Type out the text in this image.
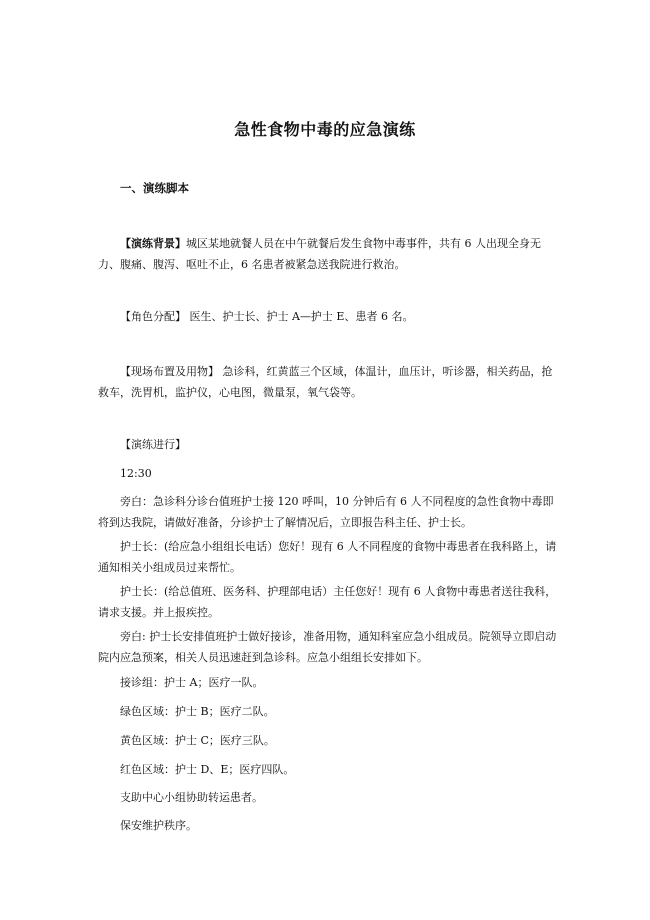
急性食物中毒的应急演练
一、演练脚本

【演练背景】城区某地就餐人员在中午就餐后发生食物中毒事件，共有 6 人出现全身无力、腹痛、腹泻、呕吐不止，6 名患者被紧急送我院进行救治。

【角色分配】 医生、护士长、护士 A—护士 E、患者 6 名。

【现场布置及用物】 急诊科，红黄蓝三个区域，体温计，血压计，听诊器，相关药品，抢救车，洗胃机，监护仪，心电图，微量泵，氧气袋等。

【演练进行】

12:30

旁白：急诊科分诊台值班护士接 120 呼叫，10 分钟后有 6 人不同程度的急性食物中毒即将到达我院，请做好准备，分诊护士了解情况后，立即报告科主任、护士长。

护士长：(给应急小组组长电话）您好！现有 6 人不同程度的食物中毒患者在我科路上，请通知相关小组成员过来帮忙。

护士长：(给总值班、医务科、护理部电话）主任您好！现有 6 人食物中毒患者送往我科，请求支援。并上报疾控。

旁白: 护士长安排值班护士做好接诊，准备用物，通知科室应急小组成员。院领导立即启动院内应急预案，相关人员迅速赶到急诊科。应急小组组长安排如下。

接诊组：护士 A；医疗一队。

绿色区域：护士 B；医疗二队。

黄色区域：护士 C；医疗三队。

红色区域：护士 D、E；医疗四队。

支助中心小组协助转运患者。

保安维护秩序。
